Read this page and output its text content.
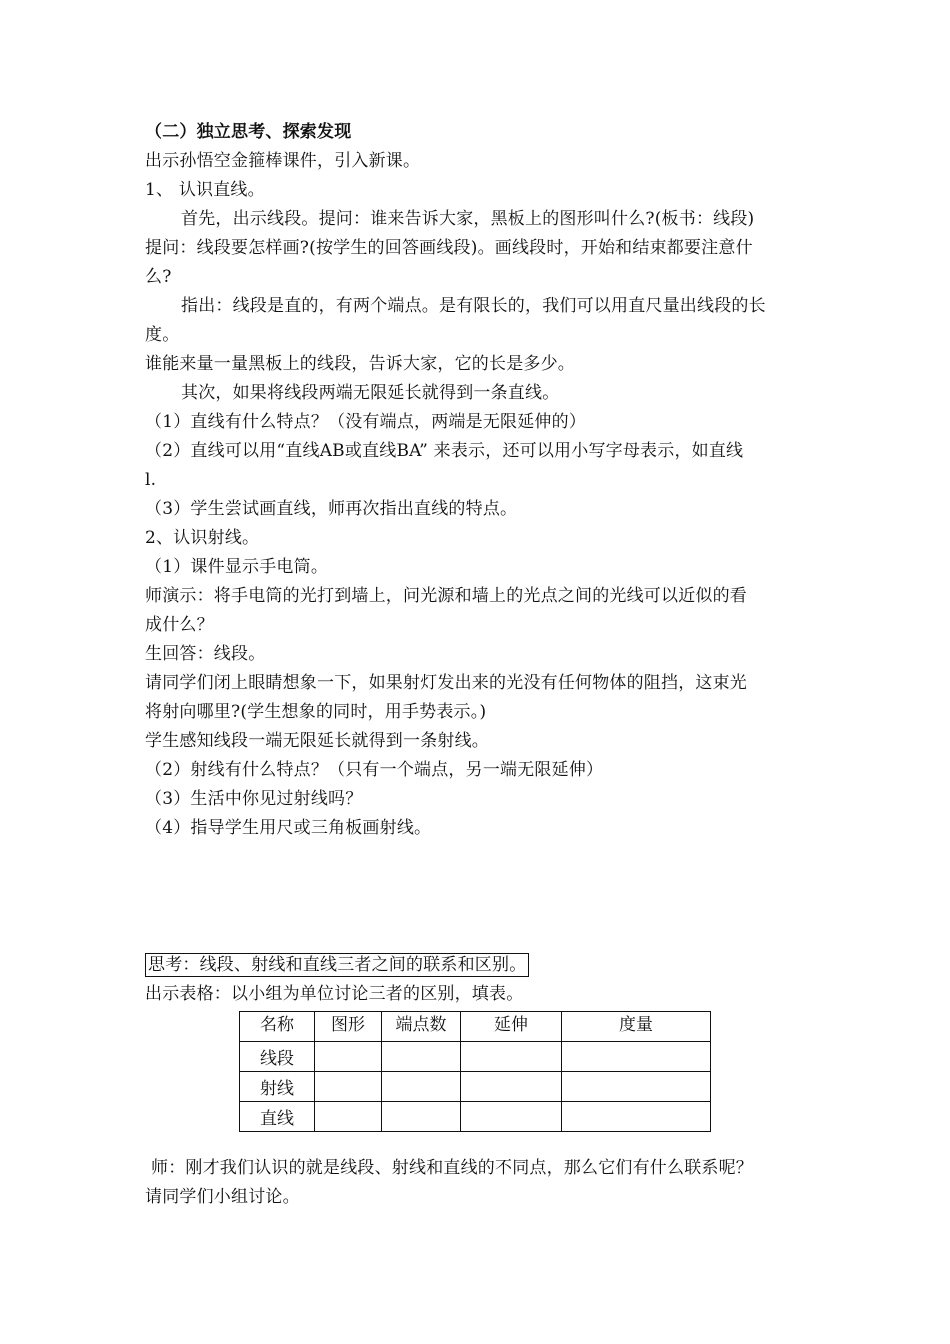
（二）独立思考、探索发现
出示孙悟空金箍棒课件，引入新课。
1、 认识直线。
首先，出示线段。提问：谁来告诉大家，黑板上的图形叫什么?(板书：线段)
提问：线段要怎样画?(按学生的回答画线段)。画线段时，开始和结束都要注意什
么?
指出：线段是直的，有两个端点。是有限长的，我们可以用直尺量出线段的长
度。
谁能来量一量黑板上的线段，告诉大家，它的长是多少。
其次，如果将线段两端无限延长就得到一条直线。
（1）直线有什么特点？（没有端点，两端是无限延伸的）
（2）直线可以用“直线AB或直线BA” 来表示，还可以用小写字母表示，如直线
l.
（3）学生尝试画直线，师再次指出直线的特点。
2、认识射线。
（1）课件显示手电筒。
师演示：将手电筒的光打到墙上，问光源和墙上的光点之间的光线可以近似的看
成什么？
生回答：线段。
请同学们闭上眼睛想象一下，如果射灯发出来的光没有任何物体的阻挡，这束光
将射向哪里?(学生想象的同时，用手势表示。)
学生感知线段一端无限延长就得到一条射线。
（2）射线有什么特点？（只有一个端点，另一端无限延伸）
（3）生活中你见过射线吗？
（4）指导学生用尺或三角板画射线。
思考：线段、射线和直线三者之间的联系和区别。
出示表格：以小组为单位讨论三者的区别，填表。
名称	图形	端点数	延伸	度量
线段				
射线				
直线				
师：刚才我们认识的就是线段、射线和直线的不同点，那么它们有什么联系呢？
请同学们小组讨论。
